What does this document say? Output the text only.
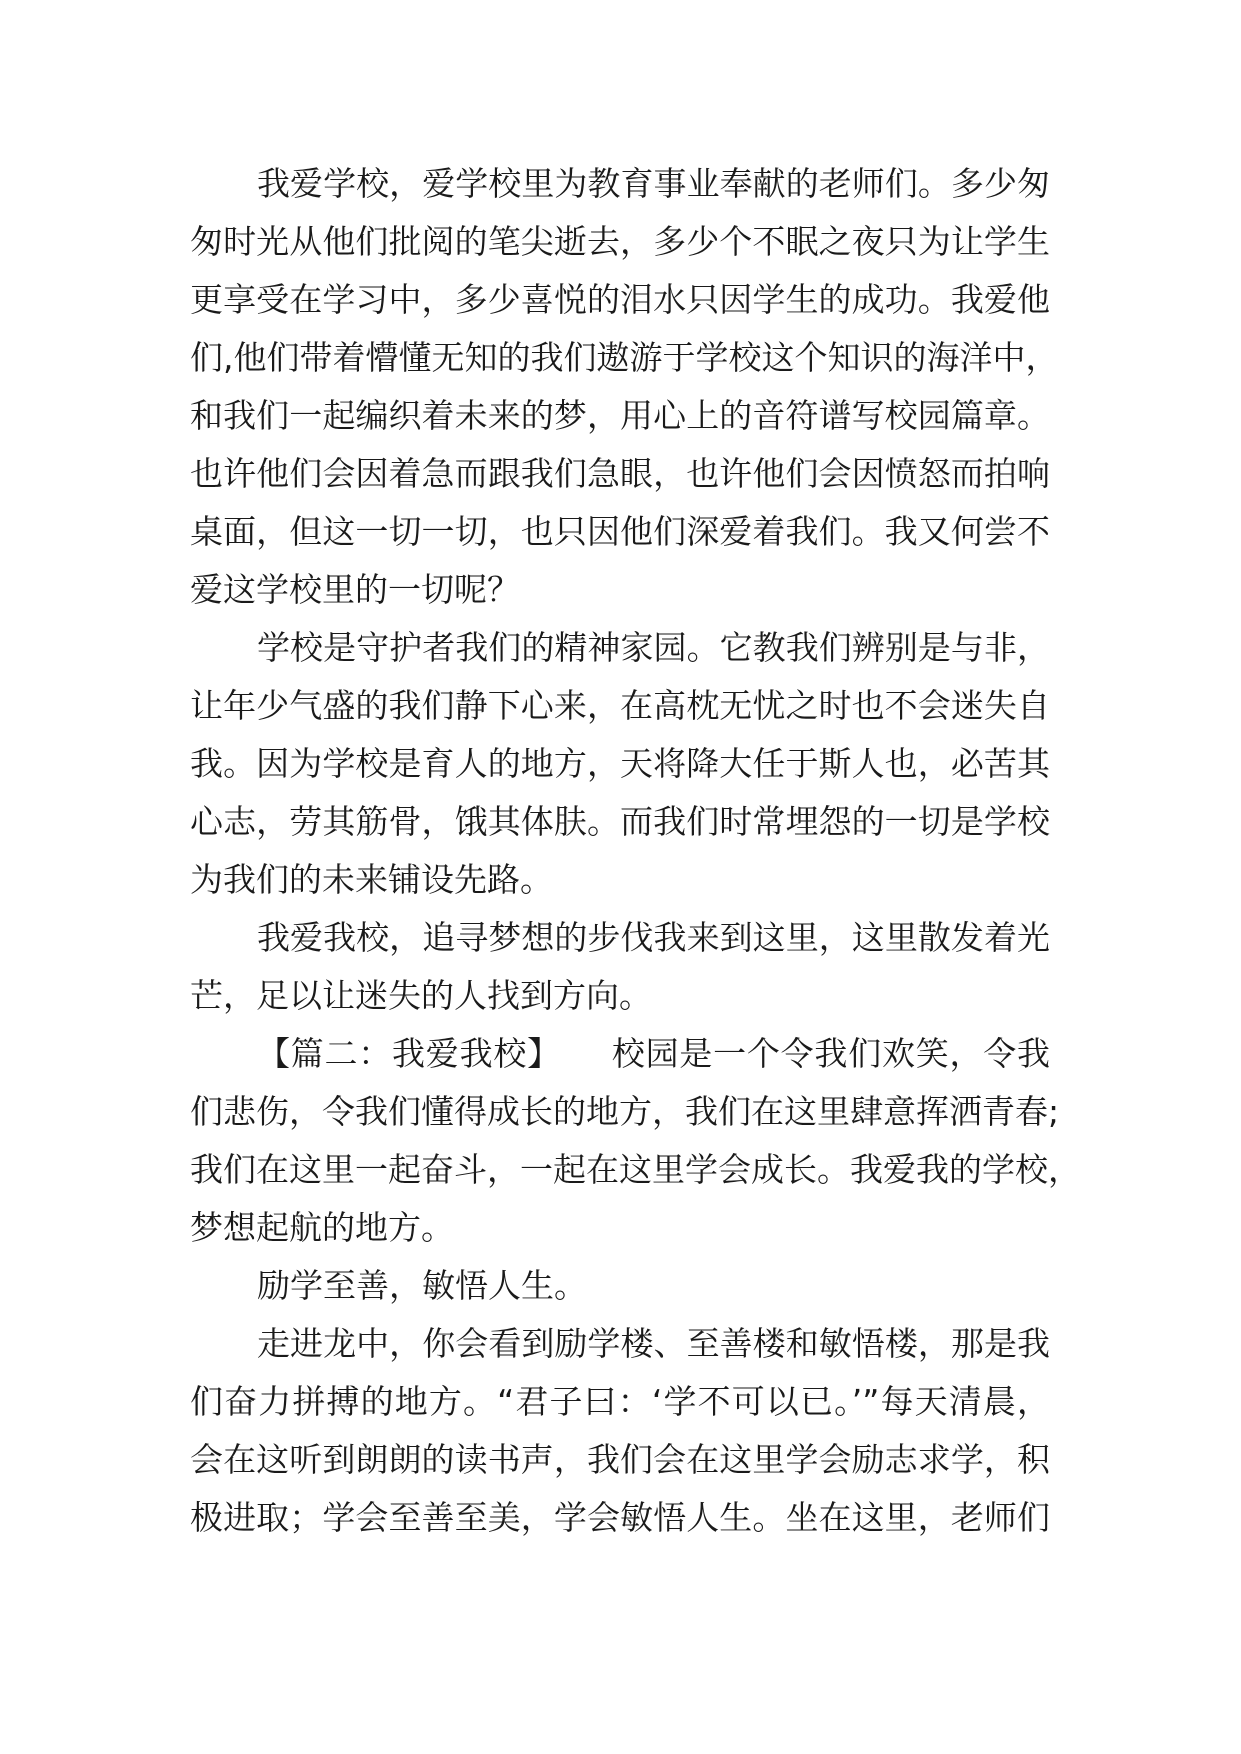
我爱学校，爱学校里为教育事业奉献的老师们。多少匆
匆时光从他们批阅的笔尖逝去，多少个不眠之夜只为让学生
更享受在学习中，多少喜悦的泪水只因学生的成功。我爱他
们,他们带着懵懂无知的我们遨游于学校这个知识的海洋中，
和我们一起编织着未来的梦，用心上的音符谱写校园篇章。
也许他们会因着急而跟我们急眼，也许他们会因愤怒而拍响
桌面，但这一切一切，也只因他们深爱着我们。我又何尝不
爱这学校里的一切呢？
学校是守护者我们的精神家园。它教我们辨别是与非，
让年少气盛的我们静下心来，在高枕无忧之时也不会迷失自
我。因为学校是育人的地方，天将降大任于斯人也，必苦其
心志，劳其筋骨，饿其体肤。而我们时常埋怨的一切是学校
为我们的未来铺设先路。
我爱我校，追寻梦想的步伐我来到这里，这里散发着光
芒，足以让迷失的人找到方向。
【篇二：我爱我校】　　校园是一个令我们欢笑，令我
们悲伤，令我们懂得成长的地方，我们在这里肆意挥洒青春;
我们在这里一起奋斗，一起在这里学会成长。我爱我的学校，
梦想起航的地方。
励学至善，敏悟人生。
走进龙中，你会看到励学楼、至善楼和敏悟楼，那是我
们奋力拼搏的地方。“君子曰：‘学不可以已。’”每天清晨，
会在这听到朗朗的读书声，我们会在这里学会励志求学，积
极进取；学会至善至美，学会敏悟人生。坐在这里，老师们
